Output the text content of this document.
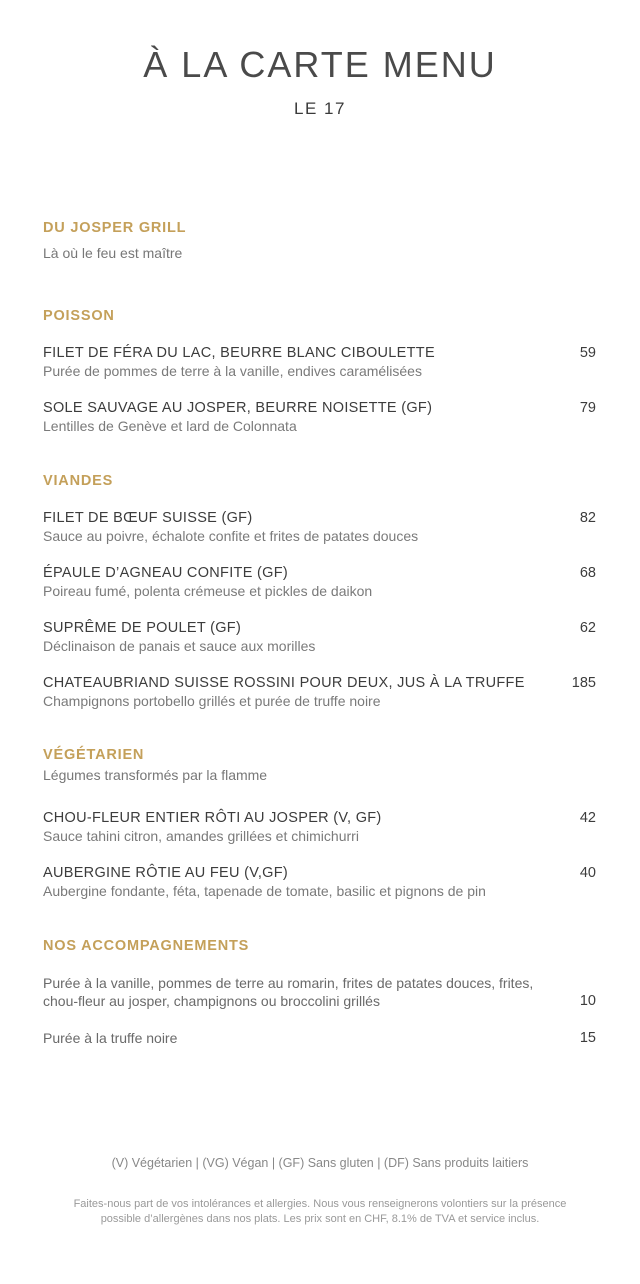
À LA CARTE MENU
LE 17
DU JOSPER GRILL
Là où le feu est maître
POISSON
FILET DE FÉRA DU LAC, BEURRE BLANC CIBOULETTE
Purée de pommes de terre à la vanille, endives caramélisées
59
SOLE SAUVAGE AU JOSPER, BEURRE NOISETTE (GF)
Lentilles de Genève et lard de Colonnata
79
VIANDES
FILET DE BŒUF SUISSE (GF)
Sauce au poivre, échalote confite et frites de patates douces
82
ÉPAULE D’AGNEAU CONFITE (GF)
Poireau fumé, polenta crémeuse et pickles de daikon
68
SUPRÊME DE POULET (GF)
Déclinaison de panais et sauce aux morilles
62
CHATEAUBRIAND SUISSE ROSSINI POUR DEUX, JUS À LA TRUFFE
Champignons portobello grillés et purée de truffe noire
185
VÉGÉTARIEN
Légumes transformés par la flamme
CHOU-FLEUR ENTIER RÔTI AU JOSPER (V, GF)
Sauce tahini citron, amandes grillées et chimichurri
42
AUBERGINE RÔTIE AU FEU (V,GF)
Aubergine fondante, féta, tapenade de tomate, basilic et pignons de pin
40
NOS ACCOMPAGNEMENTS
Purée à la vanille, pommes de terre au romarin, frites de patates douces, frites,
chou-fleur au josper, champignons ou broccolini grillés	10
Purée à la truffe noire	15
(V) Végétarien | (VG) Végan | (GF) Sans gluten | (DF) Sans produits laitiers
Faites-nous part de vos intolérances et allergies. Nous vous renseignerons volontiers sur la présence
possible d’allergènes dans nos plats. Les prix sont en CHF, 8.1% de TVA et service inclus.
